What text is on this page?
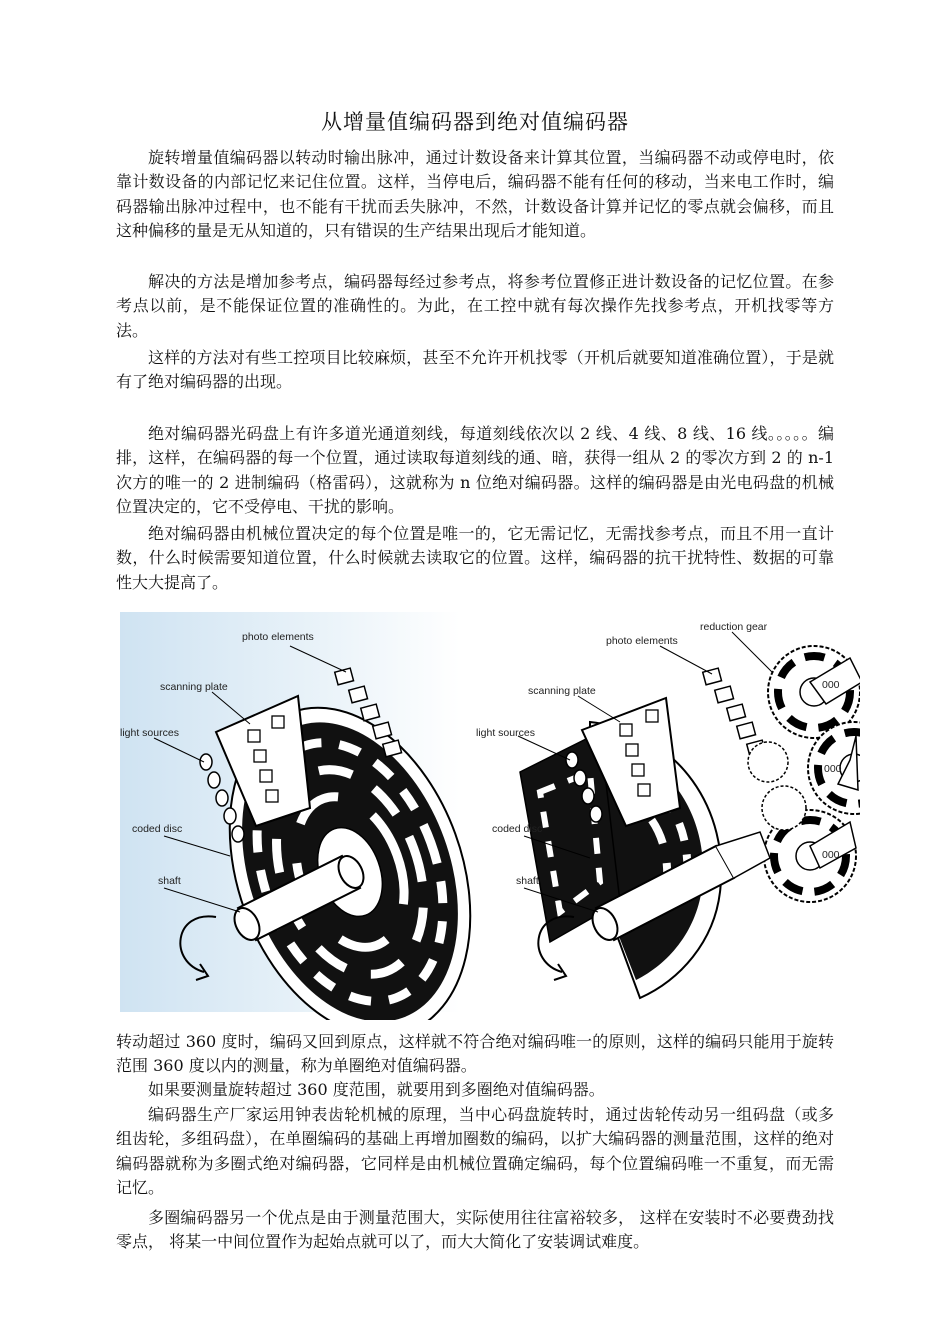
从增量值编码器到绝对值编码器

旋转增量值编码器以转动时输出脉冲，通过计数设备来计算其位置，当编码器不动或停电时，依靠计数设备的内部记忆来记住位置。这样，当停电后，编码器不能有任何的移动，当来电工作时，编码器输出脉冲过程中，也不能有干扰而丢失脉冲，不然，计数设备计算并记忆的零点就会偏移，而且这种偏移的量是无从知道的，只有错误的生产结果出现后才能知道。

解决的方法是增加参考点，编码器每经过参考点，将参考位置修正进计数设备的记忆位置。在参考点以前，是不能保证位置的准确性的。为此，在工控中就有每次操作先找参考点，开机找零等方法。

这样的方法对有些工控项目比较麻烦，甚至不允许开机找零（开机后就要知道准确位置），于是就有了绝对编码器的出现。

绝对编码器光码盘上有许多道光通道刻线，每道刻线依次以 2 线、4 线、8 线、16 线。。。。。编排，这样，在编码器的每一个位置，通过读取每道刻线的通、暗，获得一组从 2 的零次方到 2 的 n-1 次方的唯一的 2 进制编码（格雷码），这就称为 n 位绝对编码器。这样的编码器是由光电码盘的机械位置决定的，它不受停电、干扰的影响。

绝对编码器由机械位置决定的每个位置是唯一的，它无需记忆，无需找参考点，而且不用一直计数，什么时候需要知道位置，什么时候就去读取它的位置。这样，编码器的抗干扰特性、数据的可靠性大大提高了。

photo elements
scanning plate
light sources
coded disc
shaft
000
000
000
reduction gear
photo elements
scanning plate
light sources
coded disc
shaft

转动超过 360 度时，编码又回到原点，这样就不符合绝对编码唯一的原则，这样的编码只能用于旋转范围 360 度以内的测量，称为单圈绝对值编码器。

如果要测量旋转超过 360 度范围，就要用到多圈绝对值编码器。

编码器生产厂家运用钟表齿轮机械的原理，当中心码盘旋转时，通过齿轮传动另一组码盘（或多组齿轮，多组码盘），在单圈编码的基础上再增加圈数的编码，以扩大编码器的测量范围，这样的绝对编码器就称为多圈式绝对编码器，它同样是由机械位置确定编码，每个位置编码唯一不重复，而无需记忆。

多圈编码器另一个优点是由于测量范围大，实际使用往往富裕较多， 这样在安装时不必要费劲找零点， 将某一中间位置作为起始点就可以了，而大大简化了安装调试难度。
